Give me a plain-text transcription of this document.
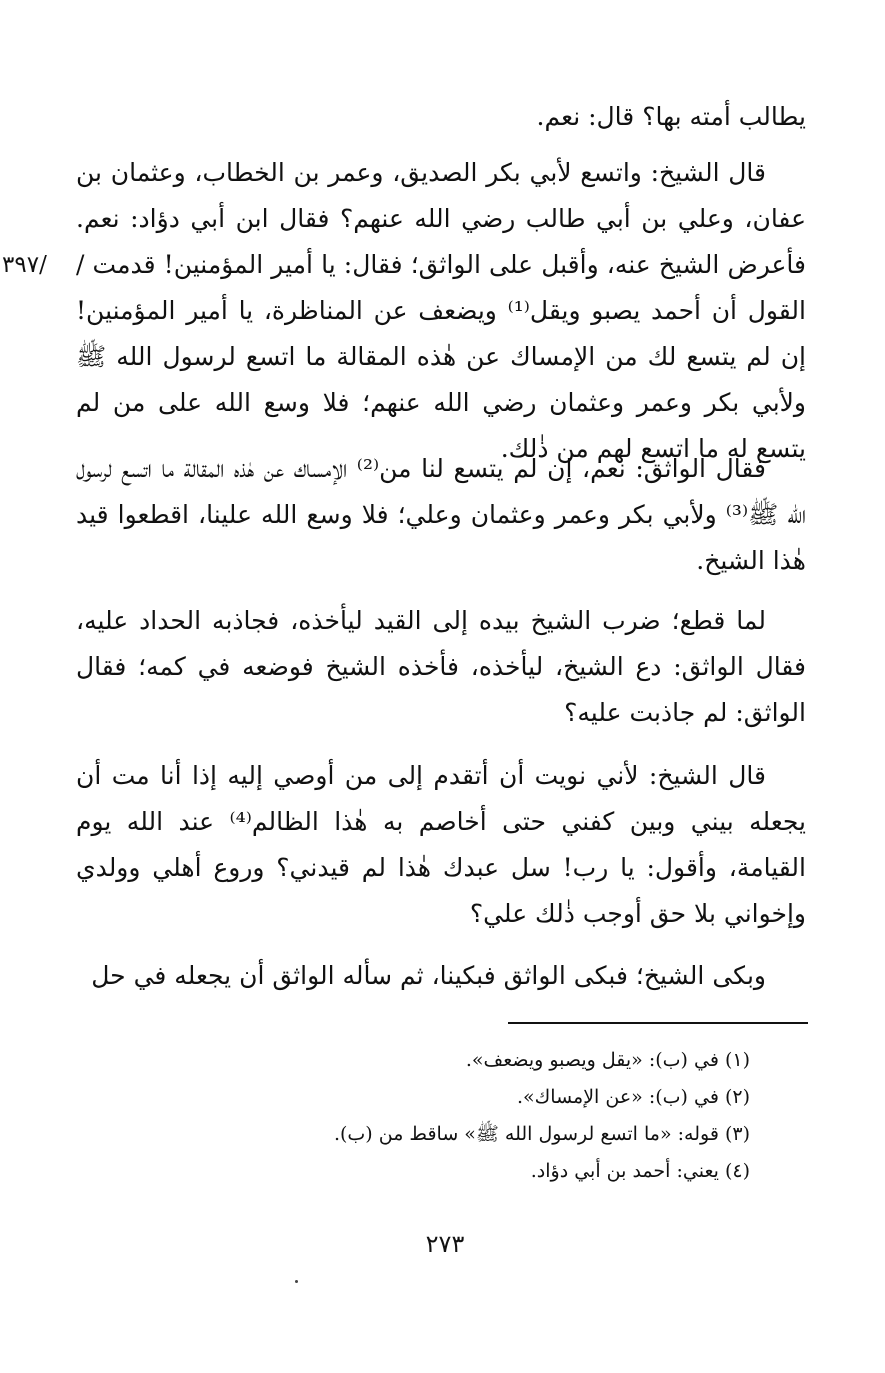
يطالب أمته بها؟ قال: نعم.

قال الشيخ: واتسع لأبي بكر الصديق، وعمر بن الخطاب، وعثمان بن عفان، وعلي بن أبي طالب رضي الله عنهم؟ فقال ابن أبي دؤاد: نعم. فأعرض الشيخ عنه، وأقبل على الواثق؛ فقال: يا أمير المؤمنين! قدمت / القول أن أحمد يصبو ويقل⁽¹⁾ ويضعف عن المناظرة، يا أمير المؤمنين! إن لم يتسع لك من الإمساك عن هٰذه المقالة ما اتسع لرسول الله ﷺ ولأبي بكر وعمر وعثمان رضي الله عنهم؛ فلا وسع الله على من لم يتسع له ما اتسع لهم من ذٰلك.

/٣٩٧

فقال الواثق: نعم، إن لم يتسع لنا من⁽²⁾ الإمساك عن هٰذه المقالة ما اتسع لرسول الله ﷺ⁽³⁾ ولأبي بكر وعمر وعثمان وعلي؛ فلا وسع الله علينا، اقطعوا قيد هٰذا الشيخ.

لما قطع؛ ضرب الشيخ بيده إلى القيد ليأخذه، فجاذبه الحداد عليه، فقال الواثق: دع الشيخ، ليأخذه، فأخذه الشيخ فوضعه في كمه؛ فقال الواثق: لم جاذبت عليه؟

قال الشيخ: لأني نويت أن أتقدم إلى من أوصي إليه إذا أنا مت أن يجعله بيني وبين كفني حتى أخاصم به هٰذا الظالم⁽⁴⁾ عند الله يوم القيامة، وأقول: يا رب! سل عبدك هٰذا لم قيدني؟ وروع أهلي وولدي وإخواني بلا حق أوجب ذٰلك علي؟

وبكى الشيخ؛ فبكى الواثق فبكينا، ثم سأله الواثق أن يجعله في حل

(١) في (ب): «يقل ويصبو ويضعف».

(٢) في (ب): «عن الإمساك».

(٣) قوله: «ما اتسع لرسول الله ﷺ» ساقط من (ب).

(٤) يعني: أحمد بن أبي دؤاد.

٢٧٣
